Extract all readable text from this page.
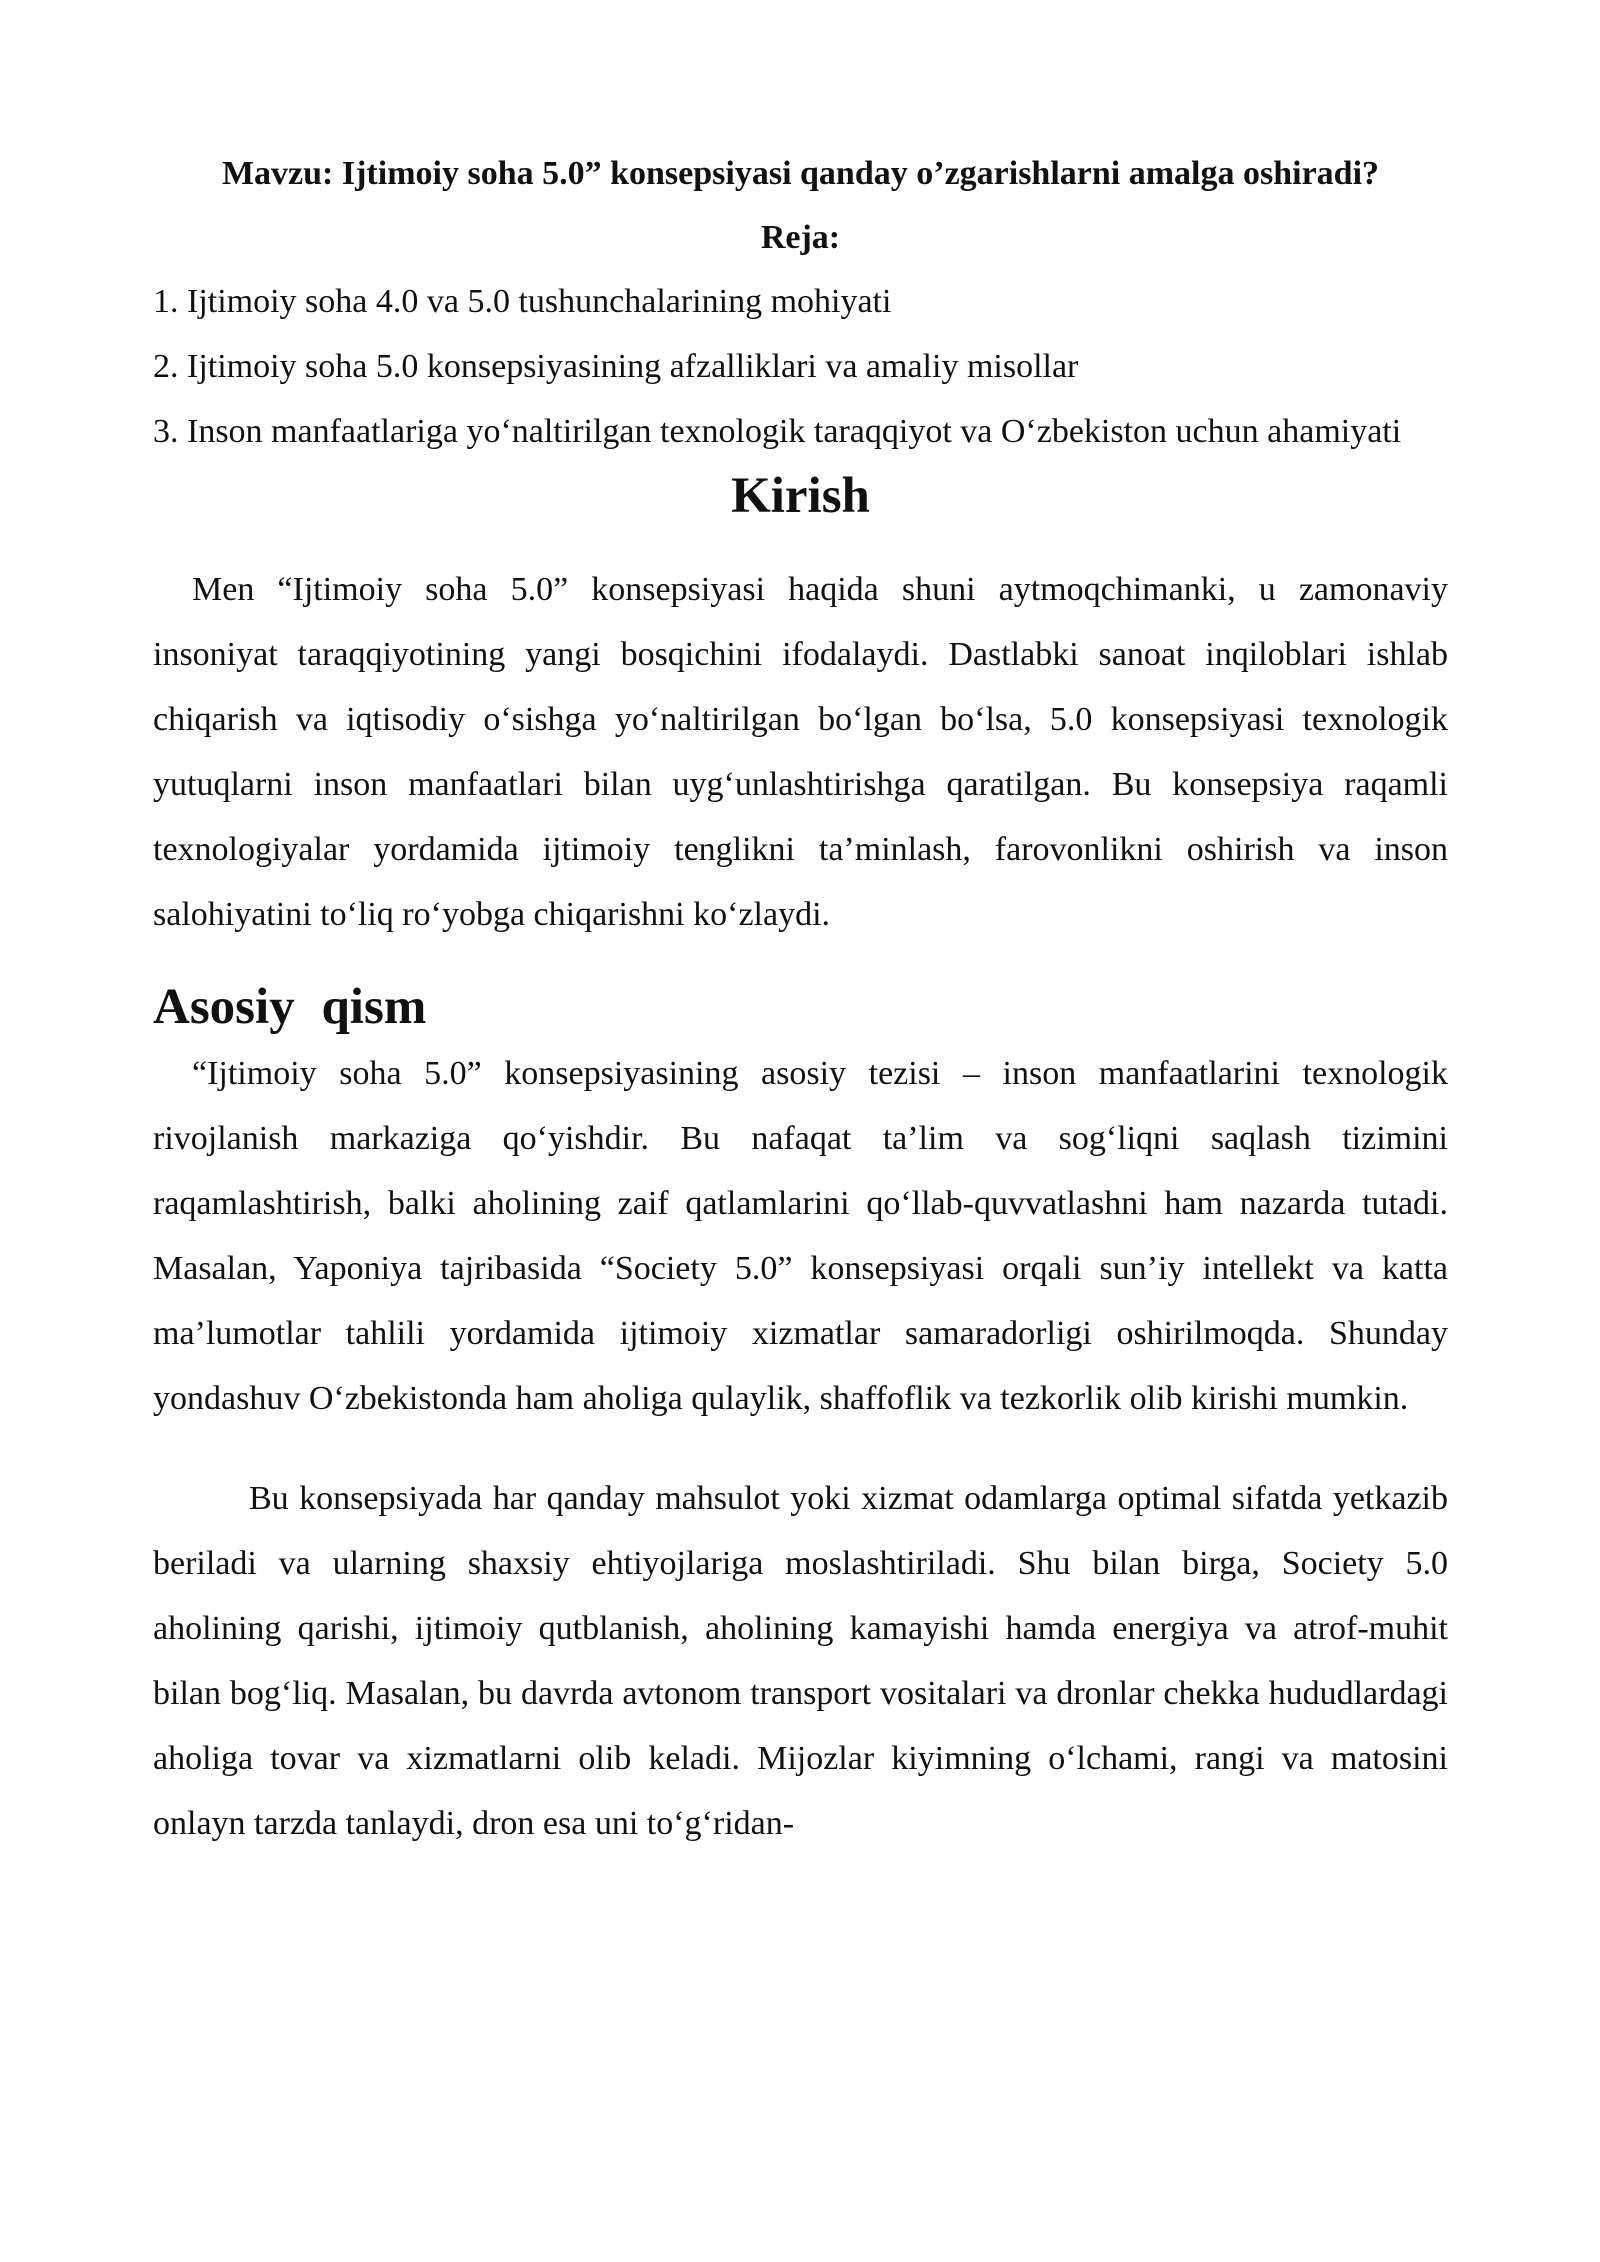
Mavzu: Ijtimoiy soha 5.0” konsepsiyasi qanday o’zgarishlarni amalga oshiradi?
Reja:
1. Ijtimoiy soha 4.0 va 5.0 tushunchalarining mohiyati
2. Ijtimoiy soha 5.0 konsepsiyasining afzalliklari va amaliy misollar
3. Inson manfaatlariga yo‘naltirilgan texnologik taraqqiyot va O‘zbekiston uchun ahamiyati
Kirish

Men “Ijtimoiy soha 5.0” konsepsiyasi haqida shuni aytmoqchimanki, u zamonaviy insoniyat taraqqiyotining yangi bosqichini ifodalaydi. Dastlabki sanoat inqiloblari ishlab chiqarish va iqtisodiy o‘sishga yo‘naltirilgan bo‘lgan bo‘lsa, 5.0 konsepsiyasi texnologik yutuqlarni inson manfaatlari bilan uyg‘unlashtirishga qaratilgan. Bu konsepsiya raqamli texnologiyalar yordamida ijtimoiy tenglikni ta’minlash, farovonlikni oshirish va inson salohiyatini to‘liq ro‘yobga chiqarishni ko‘zlaydi.

Asosiy qism

“Ijtimoiy soha 5.0” konsepsiyasining asosiy tezisi – inson manfaatlarini texnologik rivojlanish markaziga qo‘yishdir. Bu nafaqat ta’lim va sog‘liqni saqlash tizimini raqamlashtirish, balki aholining zaif qatlamlarini qo‘llab-quvvatlashni ham nazarda tutadi. Masalan, Yaponiya tajribasida “Society 5.0” konsepsiyasi orqali sun’iy intellekt va katta ma’lumotlar tahlili yordamida ijtimoiy xizmatlar samaradorligi oshirilmoqda. Shunday yondashuv O‘zbekistonda ham aholiga qulaylik, shaffoflik va tezkorlik olib kirishi mumkin.

Bu konsepsiyada har qanday mahsulot yoki xizmat odamlarga optimal sifatda yetkazib beriladi va ularning shaxsiy ehtiyojlariga moslashtiriladi. Shu bilan birga, Society 5.0 aholining qarishi, ijtimoiy qutblanish, aholining kamayishi hamda energiya va atrof-muhit bilan bog‘liq. Masalan, bu davrda avtonom transport vositalari va dronlar chekka hududlardagi aholiga tovar va xizmatlarni olib keladi. Mijozlar kiyimning o‘lchami, rangi va matosini onlayn tarzda tanlaydi, dron esa uni to‘g‘ridan-
